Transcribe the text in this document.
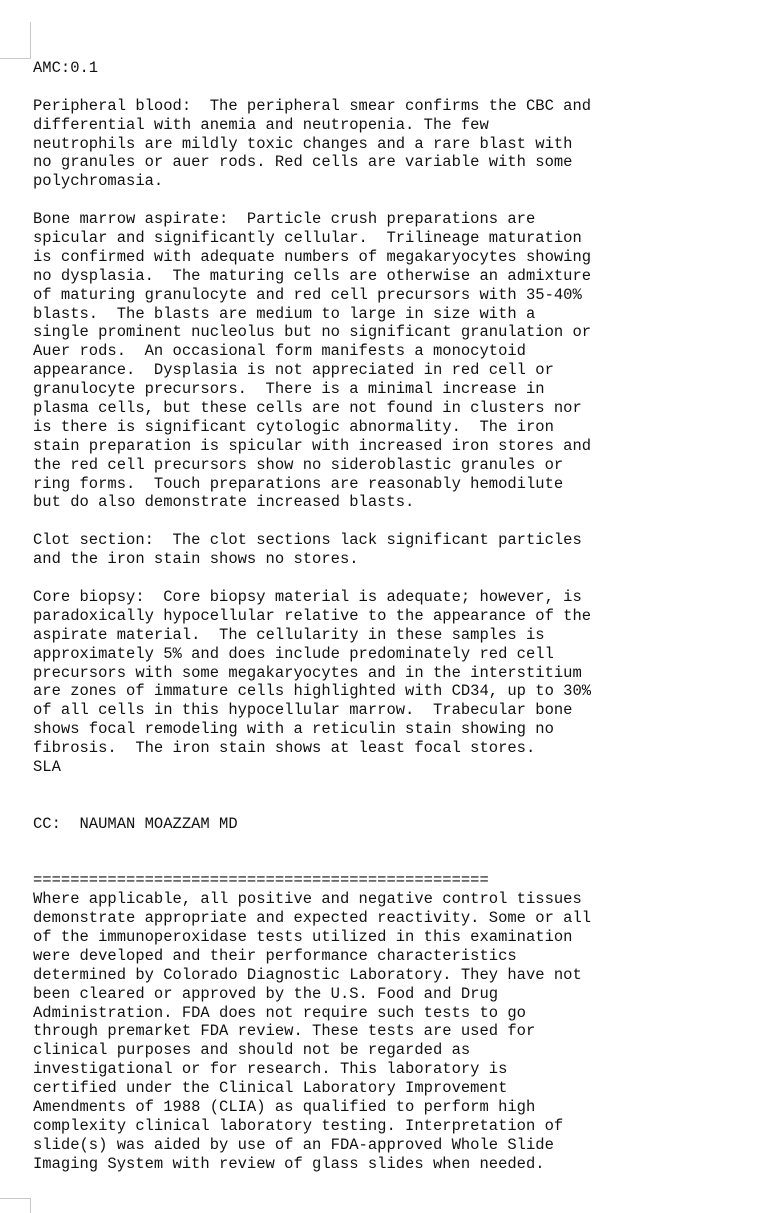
AMC:0.1
Peripheral blood:  The peripheral smear confirms the CBC and
differential with anemia and neutropenia. The few
neutrophils are mildly toxic changes and a rare blast with
no granules or auer rods. Red cells are variable with some
polychromasia.
Bone marrow aspirate:  Particle crush preparations are
spicular and significantly cellular.  Trilineage maturation
is confirmed with adequate numbers of megakaryocytes showing
no dysplasia.  The maturing cells are otherwise an admixture
of maturing granulocyte and red cell precursors with 35-40%
blasts.  The blasts are medium to large in size with a
single prominent nucleolus but no significant granulation or
Auer rods.  An occasional form manifests a monocytoid
appearance.  Dysplasia is not appreciated in red cell or
granulocyte precursors.  There is a minimal increase in
plasma cells, but these cells are not found in clusters nor
is there is significant cytologic abnormality.  The iron
stain preparation is spicular with increased iron stores and
the red cell precursors show no sideroblastic granules or
ring forms.  Touch preparations are reasonably hemodilute
but do also demonstrate increased blasts.
Clot section:  The clot sections lack significant particles
and the iron stain shows no stores.
Core biopsy:  Core biopsy material is adequate; however, is
paradoxically hypocellular relative to the appearance of the
aspirate material.  The cellularity in these samples is
approximately 5% and does include predominately red cell
precursors with some megakaryocytes and in the interstitium
are zones of immature cells highlighted with CD34, up to 30%
of all cells in this hypocellular marrow.  Trabecular bone
shows focal remodeling with a reticulin stain showing no
fibrosis.  The iron stain shows at least focal stores.
SLA
CC:  NAUMAN MOAZZAM MD
=================================================
Where applicable, all positive and negative control tissues
demonstrate appropriate and expected reactivity. Some or all
of the immunoperoxidase tests utilized in this examination
were developed and their performance characteristics
determined by Colorado Diagnostic Laboratory. They have not
been cleared or approved by the U.S. Food and Drug
Administration. FDA does not require such tests to go
through premarket FDA review. These tests are used for
clinical purposes and should not be regarded as
investigational or for research. This laboratory is
certified under the Clinical Laboratory Improvement
Amendments of 1988 (CLIA) as qualified to perform high
complexity clinical laboratory testing. Interpretation of
slide(s) was aided by use of an FDA-approved Whole Slide
Imaging System with review of glass slides when needed.
